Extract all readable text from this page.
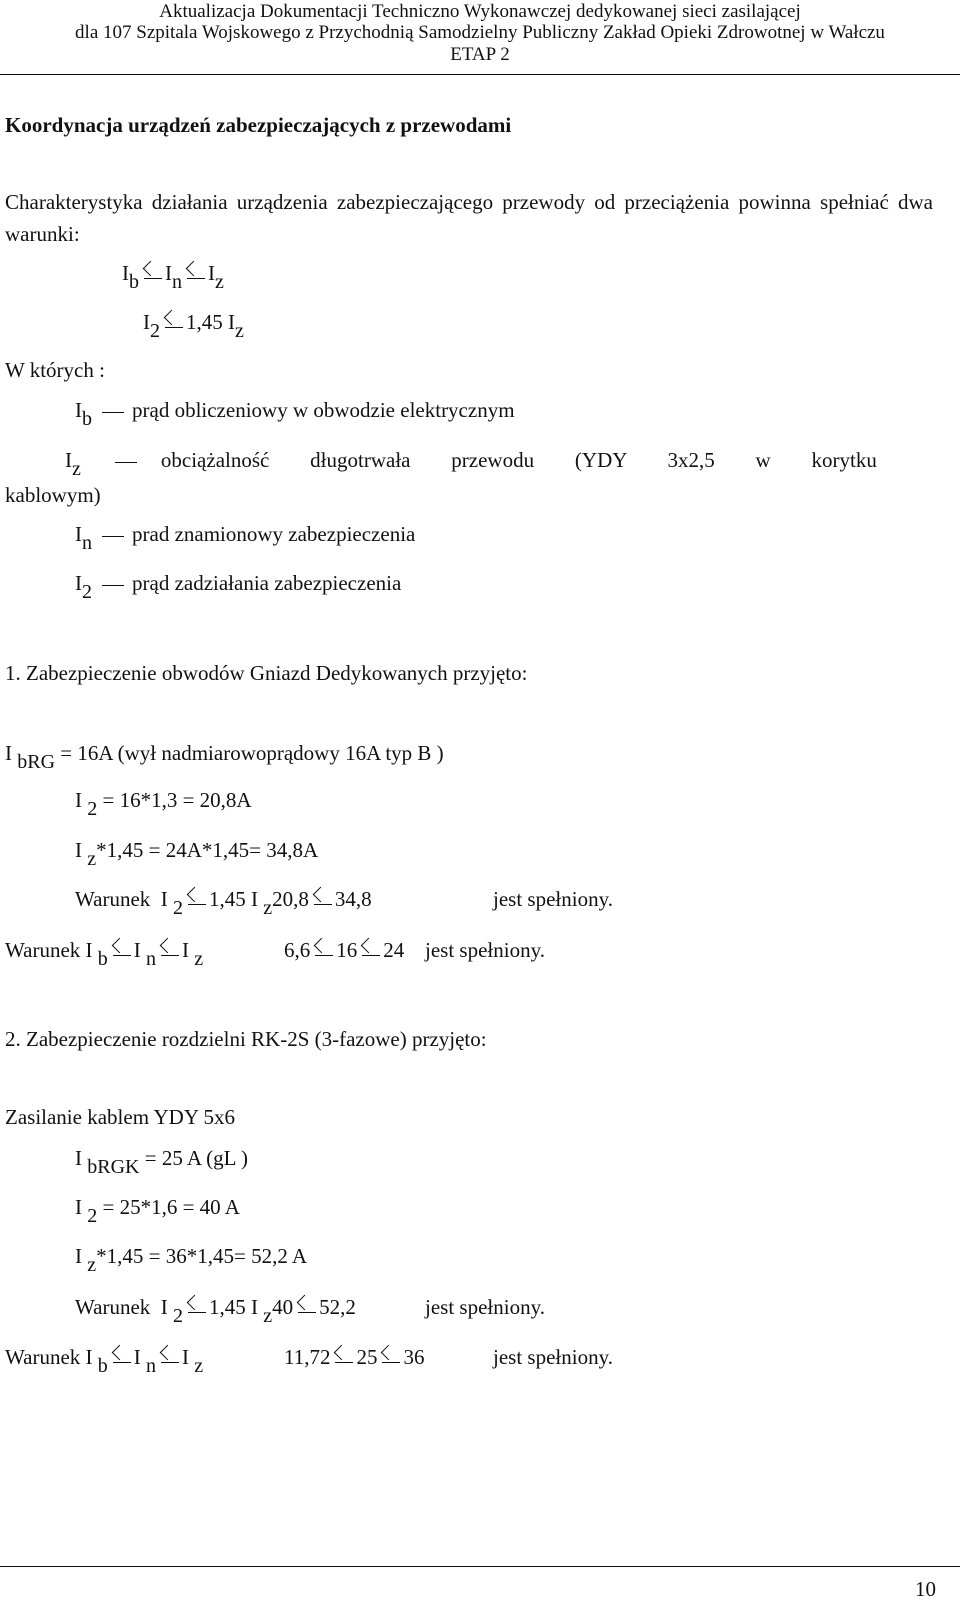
Aktualizacja Dokumentacji Techniczno Wykonawczej dedykowanej sieci zasilającej
dla 107 Szpitala Wojskowego z Przychodnią Samodzielny Publiczny Zakład Opieki Zdrowotnej w Wałczu
ETAP 2
Koordynacja urządzeń zabezpieczających z przewodami
Charakterystyka działania urządzenia zabezpieczającego przewody od przeciążenia powinna spełniać dwa warunki:
Ib In Iz
I2 1,45 Iz
W których :
Ib prąd obliczeniowy w obwodzie elektrycznym
Iz	obciążalność długotrwała przewodu (YDY 3x2,5 w korytku
kablowym)
In prad znamionowy zabezpieczenia
I2 prąd zadziałania zabezpieczenia
1. Zabezpieczenie obwodów Gniazd Dedykowanych przyjęto:
I bRG = 16A (wył nadmiarowoprądowy 16A typ B )
I 2 = 16*1,3 = 20,8A
I z*1,45 = 24A*1,45= 34,8A
Warunek I 2 1,45 I z20,8 34,8	jest spełniony.
Warunek I b I n I z	6,6 16 24 jest spełniony.
2. Zabezpieczenie rozdzielni RK-2S (3-fazowe) przyjęto:
Zasilanie kablem YDY 5x6
I bRGK = 25 A (gL )
I 2 = 25*1,6 = 40 A
I z*1,45 = 36*1,45= 52,2 A
Warunek I 2 1,45 I z40 52,2	jest spełniony.
Warunek I b I n I z	11,72 25 36	jest spełniony.
10
